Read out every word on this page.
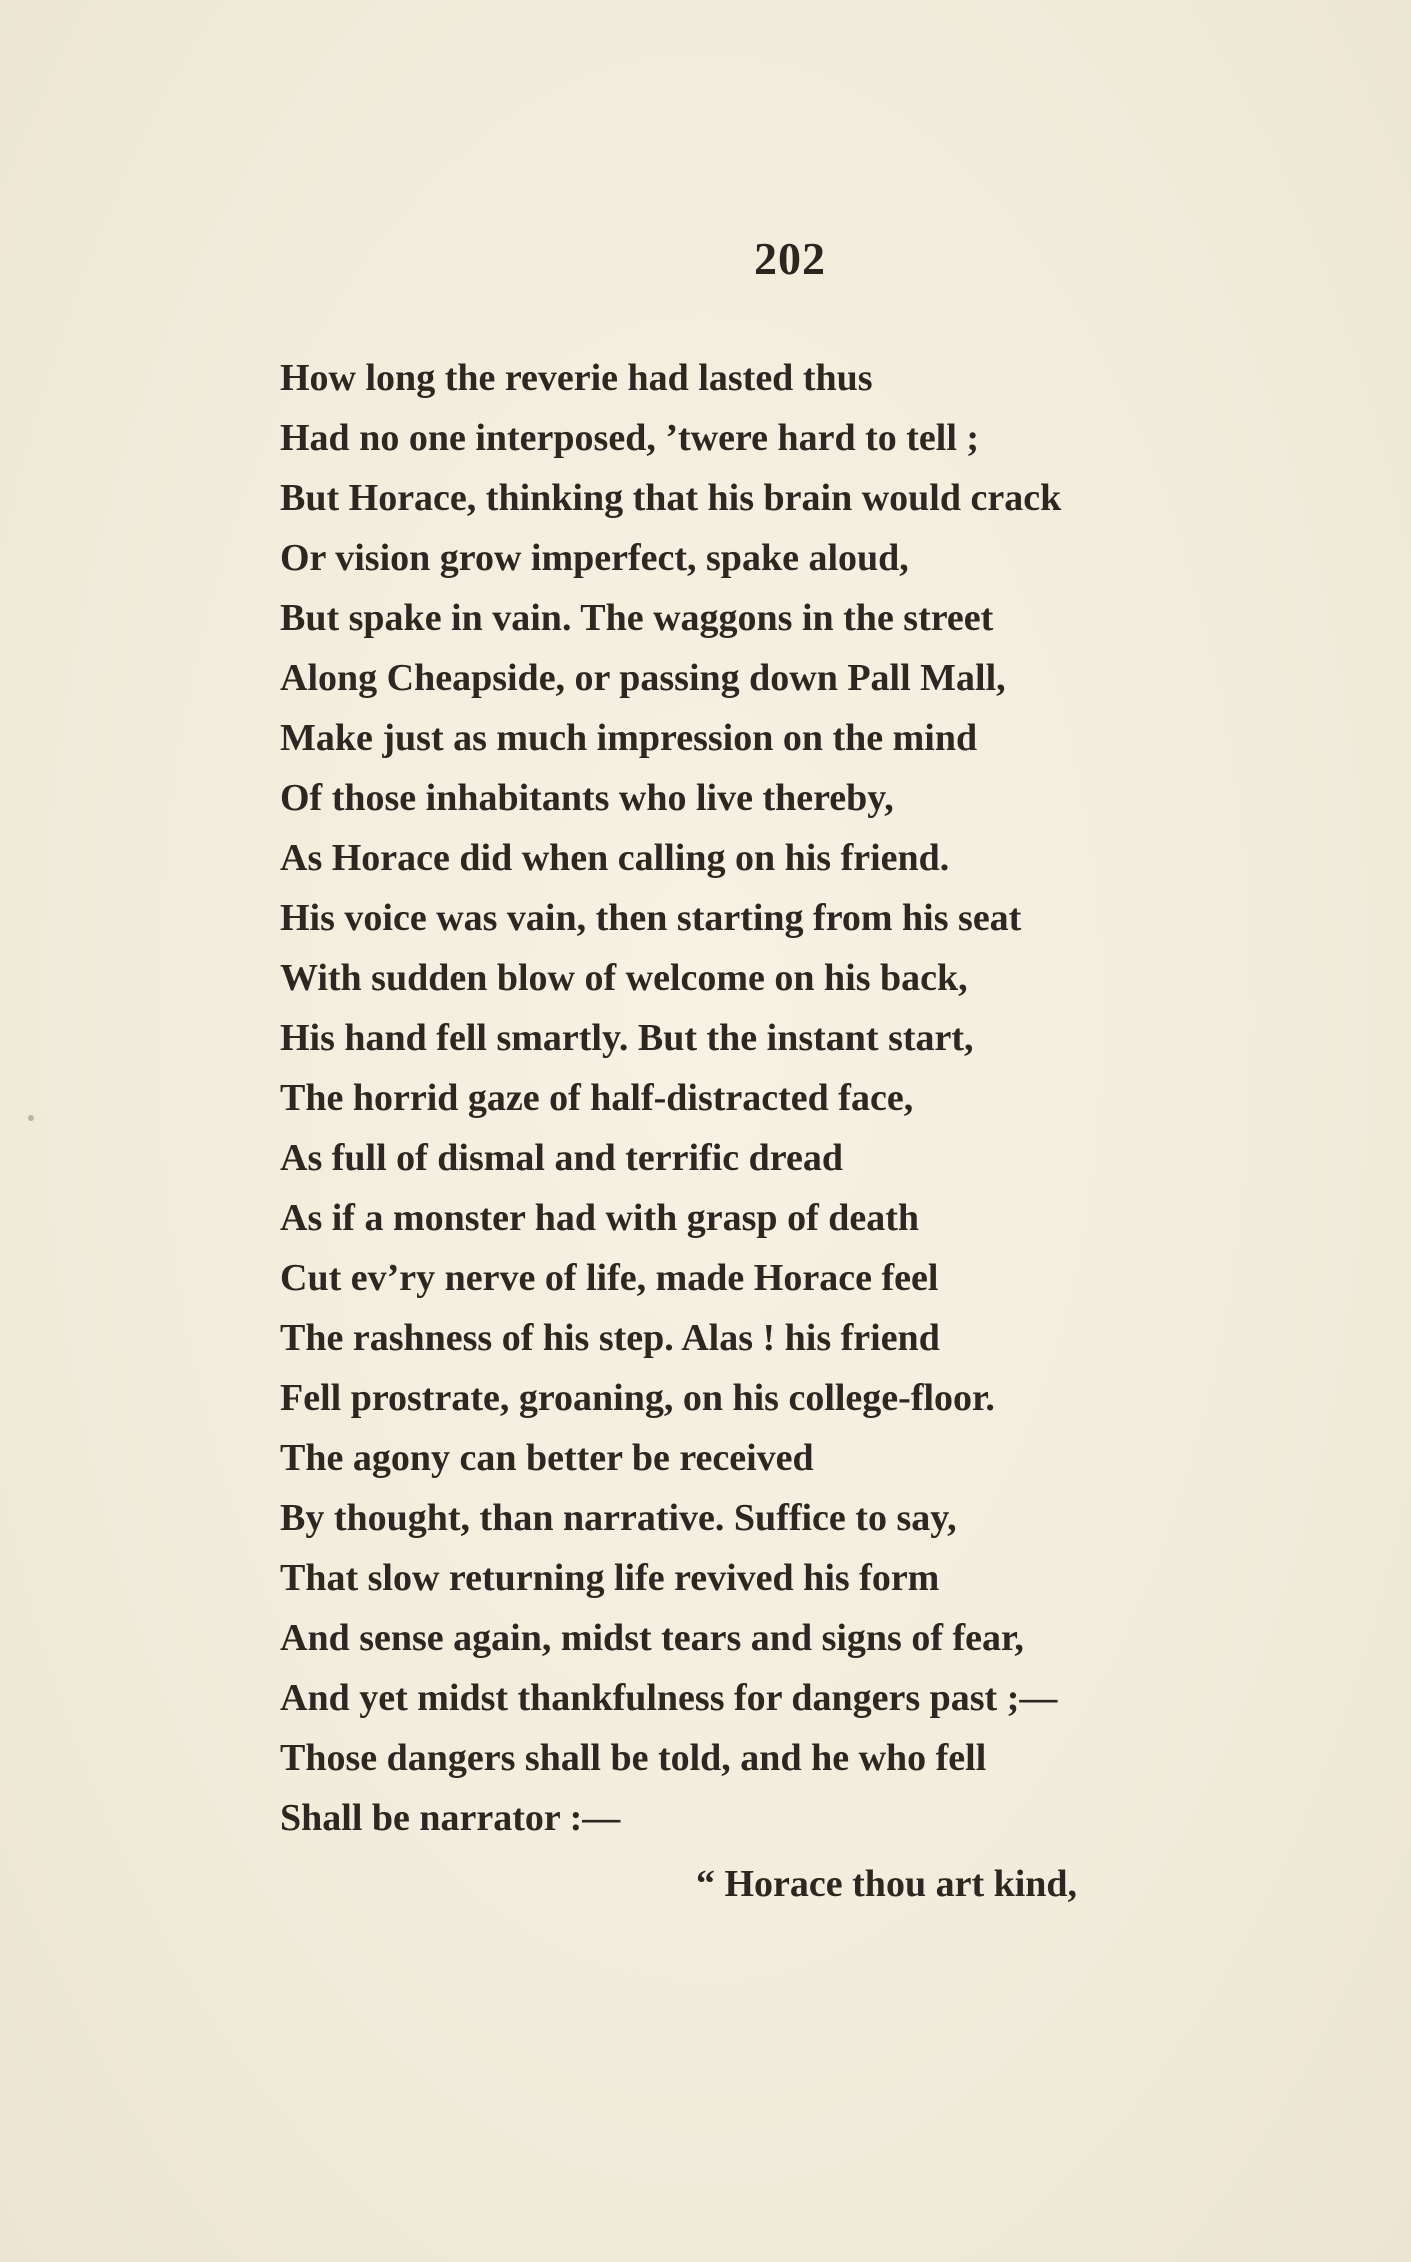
202
How long the reverie had lasted thus
Had no one interposed, ’twere hard to tell ;
But Horace, thinking that his brain would crack
Or vision grow imperfect, spake aloud,
But spake in vain. The waggons in the street
Along Cheapside, or passing down Pall Mall,
Make just as much impression on the mind
Of those inhabitants who live thereby,
As Horace did when calling on his friend.
His voice was vain, then starting from his seat
With sudden blow of welcome on his back,
His hand fell smartly. But the instant start,
The horrid gaze of half-distracted face,
As full of dismal and terrific dread
As if a monster had with grasp of death
Cut ev’ry nerve of life, made Horace feel
The rashness of his step. Alas ! his friend
Fell prostrate, groaning, on his college-floor.
The agony can better be received
By thought, than narrative. Suffice to say,
That slow returning life revived his form
And sense again, midst tears and signs of fear,
And yet midst thankfulness for dangers past ;—
Those dangers shall be told, and he who fell
Shall be narrator :—
“ Horace thou art kind,
